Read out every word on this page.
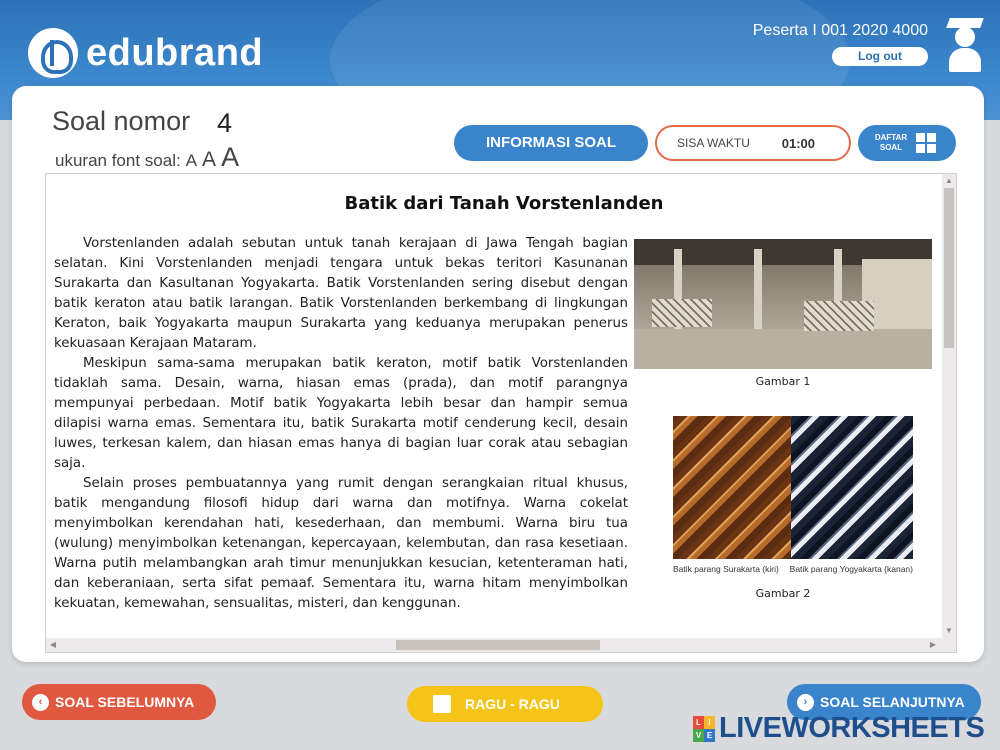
edubrand
Peserta I 001 2020 4000
Log out
Soal nomor 4
ukuran font soal: A A A	INFORMASI SOAL	SISA WAKTU 01:00	DAFTAR
SOAL
Batik dari Tanah Vorstenlanden

Vorstenlanden adalah sebutan untuk tanah kerajaan di Jawa Tengah bagian selatan. Kini Vorstenlanden menjadi tengara untuk bekas teritori Kasunanan Surakarta dan Kasultanan Yogyakarta. Batik Vorstenlanden sering disebut dengan batik keraton atau batik larangan. Batik Vorstenlanden berkembang di lingkungan Keraton, baik Yogyakarta maupun Surakarta yang keduanya merupakan penerus kekuasaan Kerajaan Mataram.

Meskipun sama-sama merupakan batik keraton, motif batik Vorstenlanden tidaklah sama. Desain, warna, hiasan emas (prada), dan motif parangnya mempunyai perbedaan. Motif batik Yogyakarta lebih besar dan hampir semua dilapisi warna emas. Sementara itu, batik Surakarta motif cenderung kecil, desain luwes, terkesan kalem, dan hiasan emas hanya di bagian luar corak atau sebagian saja.

Selain proses pembuatannya yang rumit dengan serangkaian ritual khusus, batik mengandung filosofi hidup dari warna dan motifnya. Warna cokelat menyimbolkan kerendahan hati, kesederhaan, dan membumi. Warna biru tua (wulung) menyimbolkan ketenangan, kepercayaan, kelembutan, dan rasa kesetiaan. Warna putih melambangkan arah timur menunjukkan kesucian, ketenteraman hati, dan keberaniaan, serta sifat pemaaf. Sementara itu, warna hitam menyimbolkan kekuatan, kemewahan, sensualitas, misteri, dan kenggunan.

Gambar 1
Batik parang Surakarta (kiri) Batik parang Yogyakarta (kanan)
Gambar 2
▲
▼
◀	▶
‹ SOAL SEBELUMNYA	RAGU - RAGU	› SOAL SELANJUTNYA
L I
V E LIVEWORKSHEETS
